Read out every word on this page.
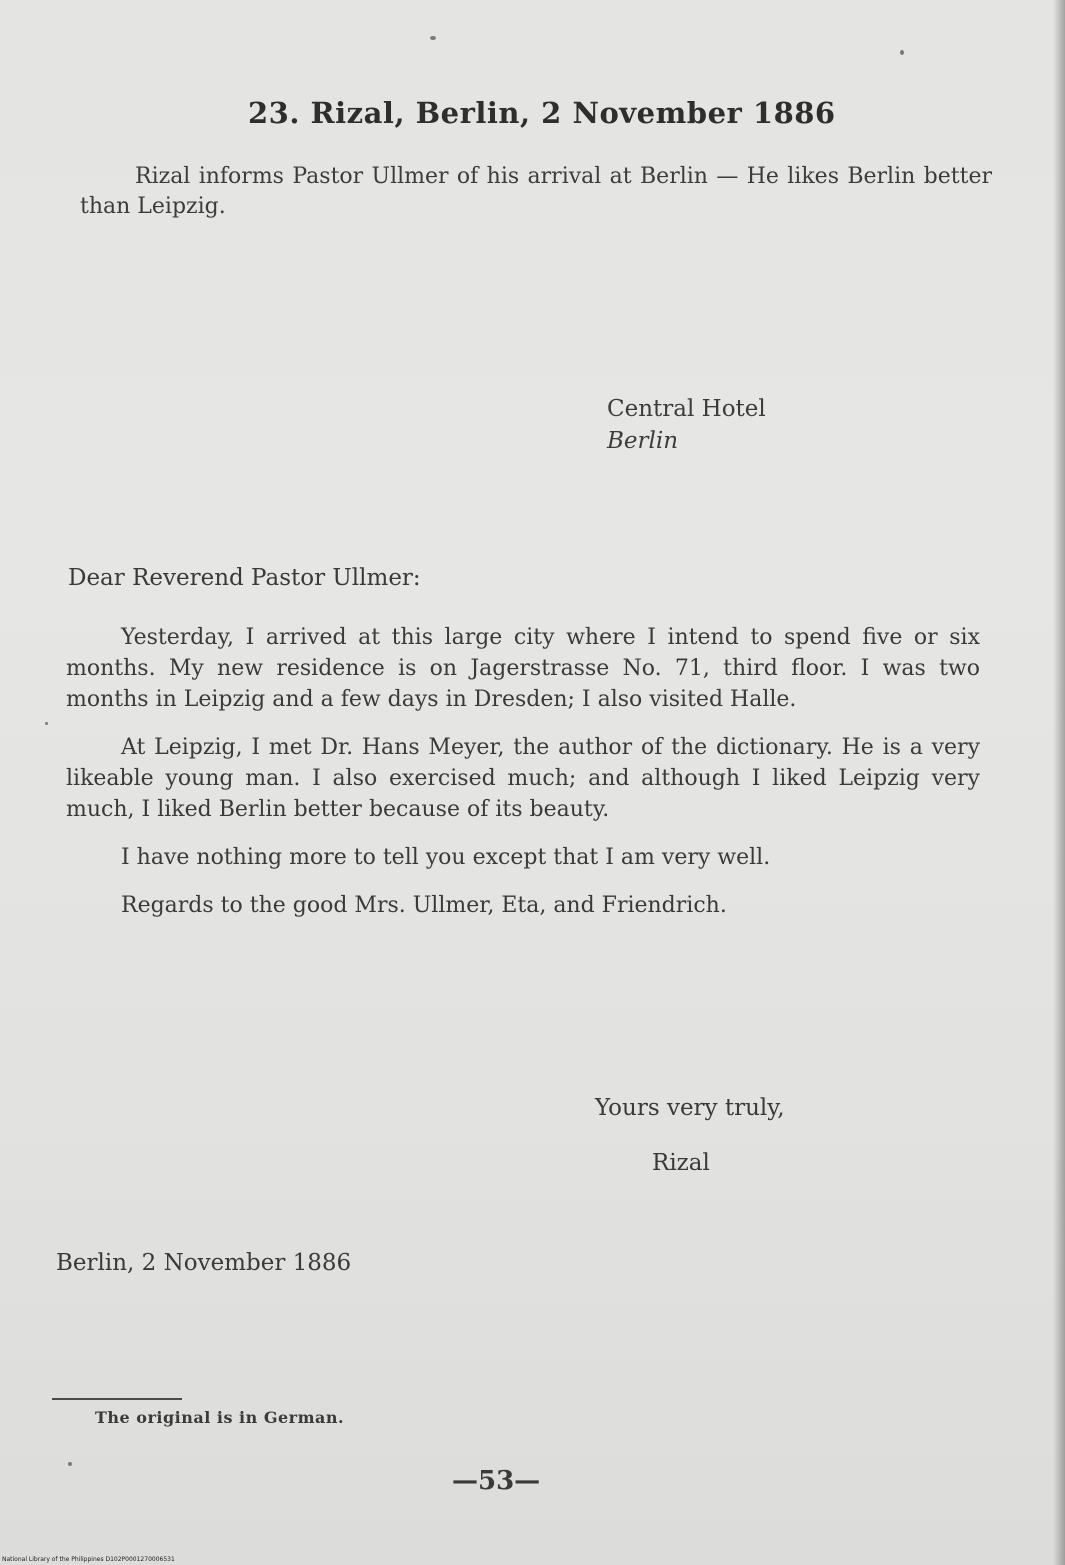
23. Rizal, Berlin, 2 November 1886
Rizal informs Pastor Ullmer of his arrival at Berlin — He likes Berlin better than Leipzig.
Central Hotel

Berlin
Dear Reverend Pastor Ullmer:

Yesterday, I arrived at this large city where I intend to spend five or six months. My new residence is on Jagerstrasse No. 71, third floor. I was two months in Leipzig and a few days in Dresden; I also visited Halle.

At Leipzig, I met Dr. Hans Meyer, the author of the dictionary. He is a very likeable young man. I also exercised much; and although I liked Leipzig very much, I liked Berlin better because of its beauty.

I have nothing more to tell you except that I am very well.

Regards to the good Mrs. Ullmer, Eta, and Friendrich.

Yours very truly,
Rizal
Berlin, 2 November 1886
The original is in German.
—53—
National Library of the Philippines D102P0001270006531
